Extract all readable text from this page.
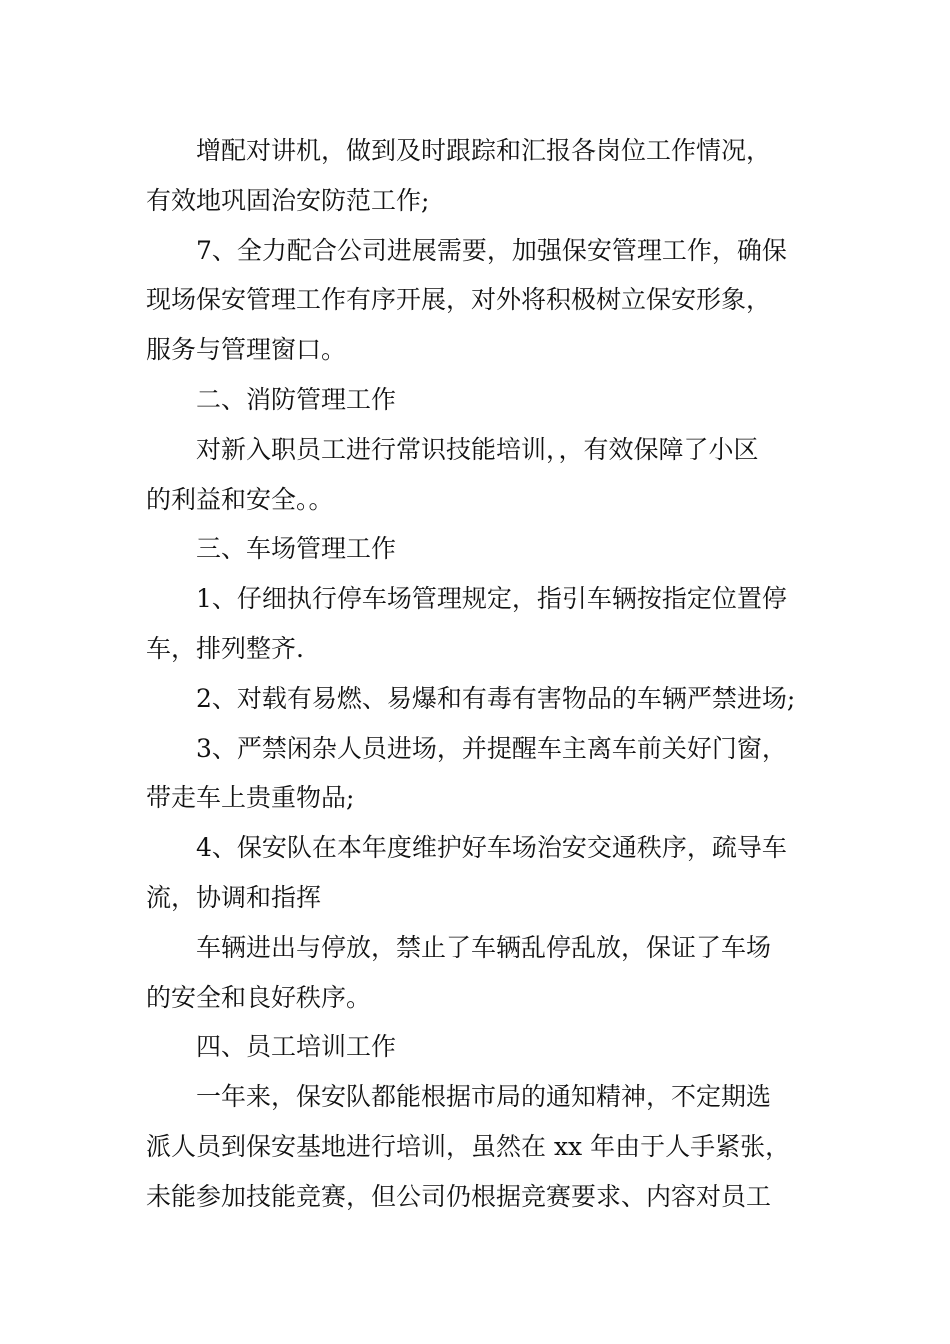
增配对讲机，做到及时跟踪和汇报各岗位工作情况，
有效地巩固治安防范工作;

7、全力配合公司进展需要，加强保安管理工作，确保
现场保安管理工作有序开展，对外将积极树立保安形象，
服务与管理窗口。

二、消防管理工作

对新入职员工进行常识技能培训，，有效保障了小区
的利益和安全。。

三、车场管理工作

1、仔细执行停车场管理规定，指引车辆按指定位置停
车，排列整齐.

2、对载有易燃、易爆和有毒有害物品的车辆严禁进场;

3、严禁闲杂人员进场，并提醒车主离车前关好门窗，
带走车上贵重物品;

4、保安队在本年度维护好车场治安交通秩序，疏导车
流，协调和指挥

车辆进出与停放，禁止了车辆乱停乱放，保证了车场
的安全和良好秩序。

四、员工培训工作

一年来，保安队都能根据市局的通知精神，不定期选
派人员到保安基地进行培训，虽然在 xx 年由于人手紧张，
未能参加技能竞赛，但公司仍根据竞赛要求、内容对员工
